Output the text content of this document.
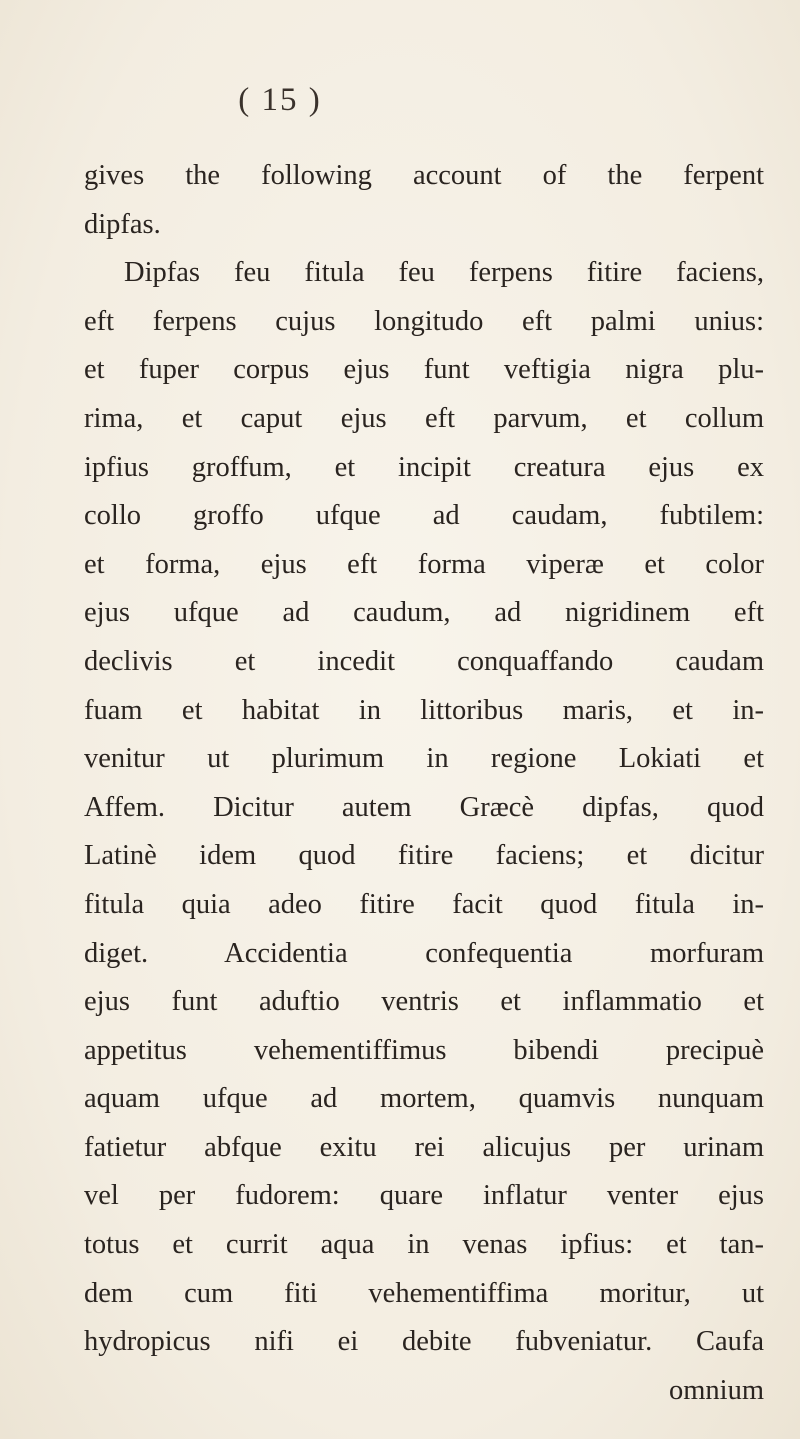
( 15 )
gives the following account of the ferpent
dipfas.
Dipfas feu fitula feu ferpens fitire faciens,
eft ferpens cujus longitudo eft palmi unius:
et fuper corpus ejus funt veftigia nigra plu-
rima, et caput ejus eft parvum, et collum
ipfius groffum, et incipit creatura ejus ex
collo groffo ufque ad caudam, fubtilem:
et forma, ejus eft forma viperæ et color
ejus ufque ad caudum, ad nigridinem eft
declivis et incedit conquaffando caudam
fuam et habitat in littoribus maris, et in-
venitur ut plurimum in regione Lokiati et
Affem. Dicitur autem Græcè dipfas, quod
Latinè idem quod fitire faciens; et dicitur
fitula quia adeo fitire facit quod fitula in-
diget. Accidentia confequentia morfuram
ejus funt aduftio ventris et inflammatio et
appetitus vehementiffimus bibendi precipuè
aquam ufque ad mortem, quamvis nunquam
fatietur abfque exitu rei alicujus per urinam
vel per fudorem: quare inflatur venter ejus
totus et currit aqua in venas ipfius: et tan-
dem cum fiti vehementiffima moritur, ut
hydropicus nifi ei debite fubveniatur. Caufa
omnium
